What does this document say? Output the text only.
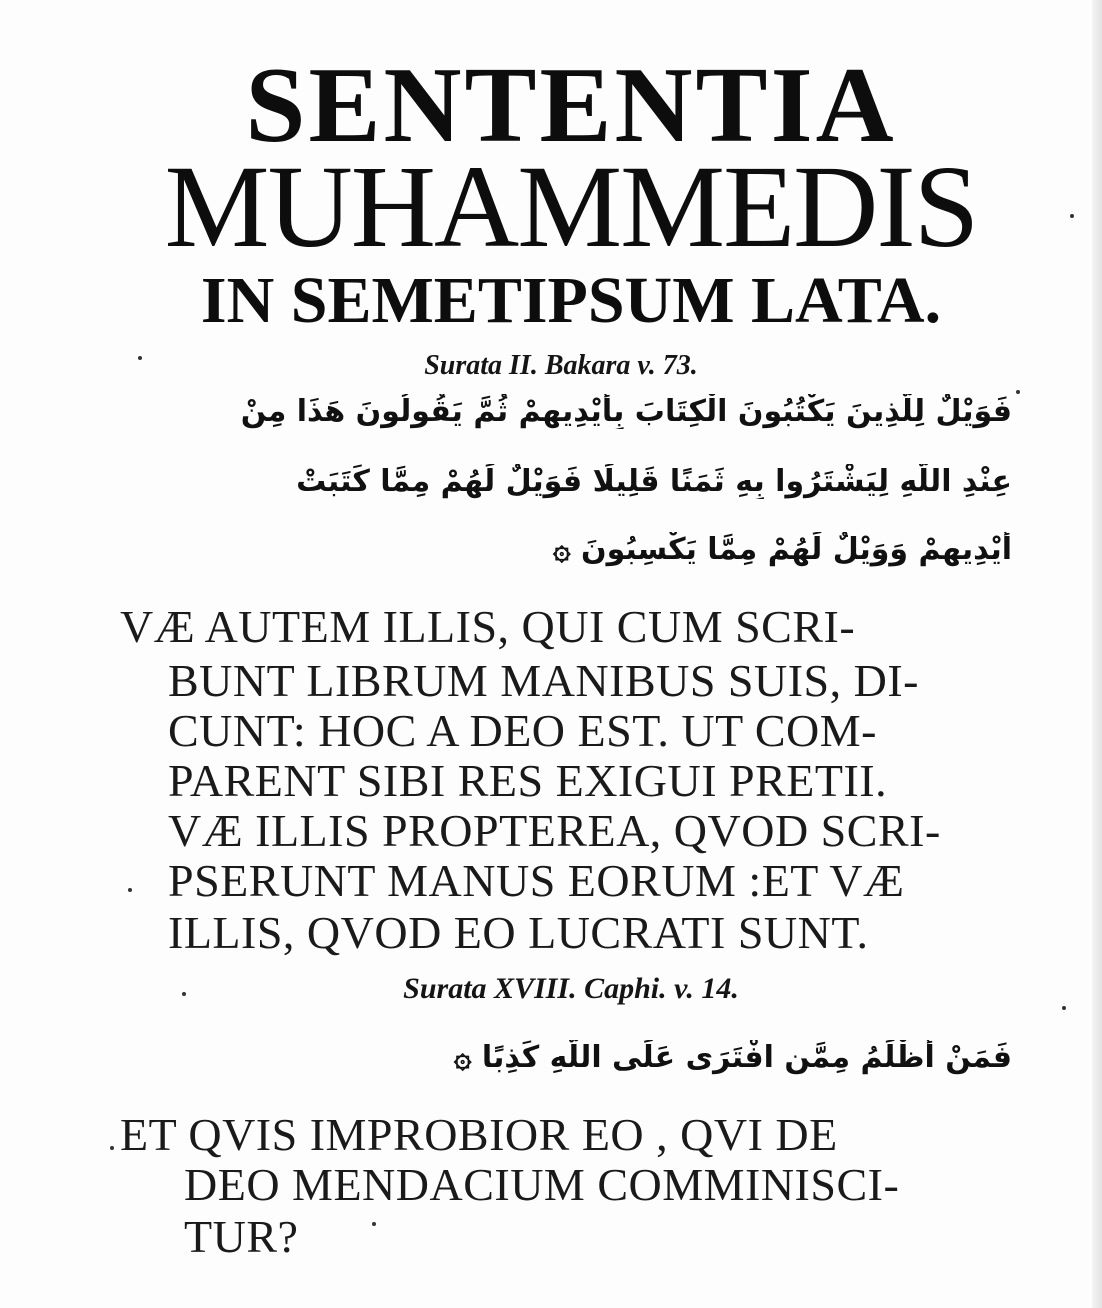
SENTENTIA
MUHAMMEDIS
IN SEMETIPSUM LATA.
Surata II. Bakara v. 73.
فَوَيْلٌ لِلَّذِينَ يَكْتُبُونَ الْكِتَابَ بِأَيْدِيهِمْ ثُمَّ يَقُولُونَ هَذَا مِنْ
عِنْدِ اللَّهِ لِيَشْتَرُوا بِهِ ثَمَنًا قَلِيلًا فَوَيْلٌ لَهُمْ مِمَّا كَتَبَتْ
أَيْدِيهِمْ وَوَيْلٌ لَهُمْ مِمَّا يَكْسِبُونَ ۞
VÆ AUTEM ILLIS, QUI CUM SCRI-
BUNT LIBRUM MANIBUS SUIS, DI-
CUNT: HOC A DEO EST. UT COM-
PARENT SIBI RES EXIGUI PRETII.
VÆ ILLIS PROPTEREA, QVOD SCRI-
PSERUNT MANUS EORUM :ET VÆ
ILLIS, QVOD EO LUCRATI SUNT.
Surata XVIII. Caphi. v. 14.
فَمَنْ أَظْلَمُ مِمَّنِ افْتَرَى عَلَى اللَّهِ كَذِبًا ۞
ET QVIS IMPROBIOR EO , QVI DE
DEO MENDACIUM COMMINISCI-
TUR?
